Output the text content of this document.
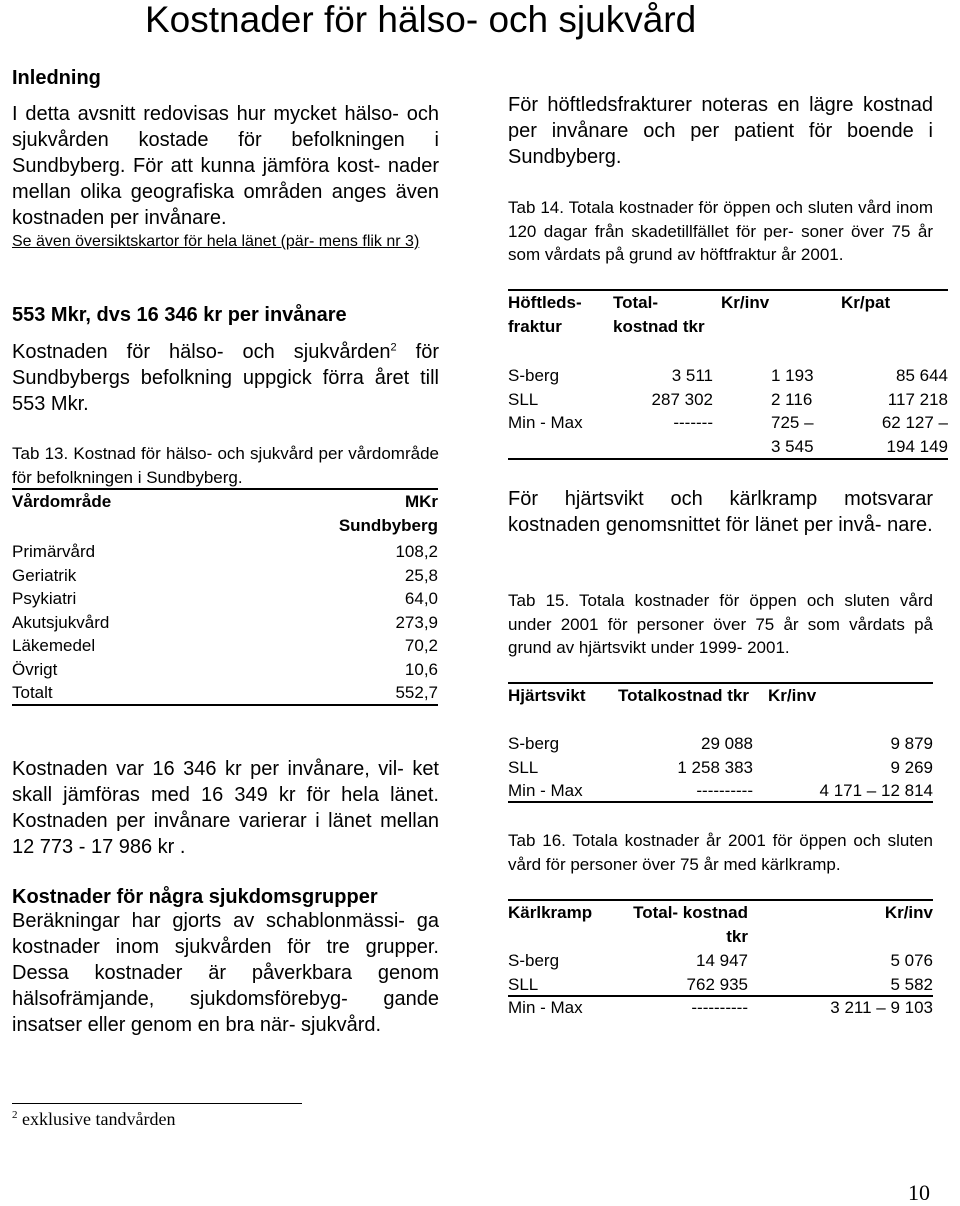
Kostnader för hälso- och sjukvård
Inledning
I detta avsnitt redovisas hur mycket hälso- och sjukvården kostade för befolkningen i Sundbyberg. För att kunna jämföra kost- nader mellan olika geografiska områden anges även kostnaden per invånare.
Se även översiktskartor för hela länet (pär- mens flik nr 3)
553 Mkr, dvs 16 346 kr per invånare
Kostnaden för hälso- och sjukvården$^2$ för Sundbybergs befolkning uppgick förra året till 553 Mkr.
Tab 13. Kostnad för hälso- och sjukvård per vårdområde för befolkningen i Sundbyberg.
Vårdområde	MKr Sundbyberg
Primärvård	108,2
Geriatrik	25,8
Psykiatri	64,0
Akutsjukvård	273,9
Läkemedel	70,2
Övrigt	10,6
Totalt	552,7
Kostnaden var 16 346 kr per invånare, vil- ket skall jämföras med 16 349 kr för hela länet. Kostnaden per invånare varierar i länet mellan 12 773 - 17 986 kr .
Kostnader för några sjukdomsgrupper
Beräkningar har gjorts av schablonmässi- ga kostnader inom sjukvården för tre grupper. Dessa kostnader är påverkbara genom hälsofrämjande, sjukdomsförebyg- gande insatser eller genom en bra när- sjukvård.
För höftledsfrakturer noteras en lägre kostnad per invånare och per patient för boende i Sundbyberg.
Tab 14. Totala kostnader för öppen och sluten vård inom 120 dagar från skadetillfället för per- soner över 75 år som vårdats på grund av höftfraktur år 2001.
Höftleds- fraktur	Total- kostnad tkr	Kr/inv	Kr/pat
S-berg	3 511	1 193	85 644
SLL	287 302	2 116	117 218
Min - Max	-------	725 –	62 127 –
		3 545	194 149
För hjärtsvikt och kärlkramp motsvarar kostnaden genomsnittet för länet per invå- nare.
Tab 15. Totala kostnader för öppen och sluten vård under 2001 för personer över 75 år som vårdats på grund av hjärtsvikt under 1999- 2001.
Hjärtsvikt	Totalkostnad tkr	Kr/inv
S-berg	29 088	9 879
SLL	1 258 383	9 269
Min - Max	----------	4 171 – 12 814
Tab 16. Totala kostnader år 2001 för öppen och sluten vård för personer över 75 år med kärlkramp.
Kärlkramp	Total- kostnad tkr	Kr/inv
S-berg	14 947	5 076
SLL	762 935	5 582
Min - Max	----------	3 211 – 9 103
$^2$ exklusive tandvården
10
